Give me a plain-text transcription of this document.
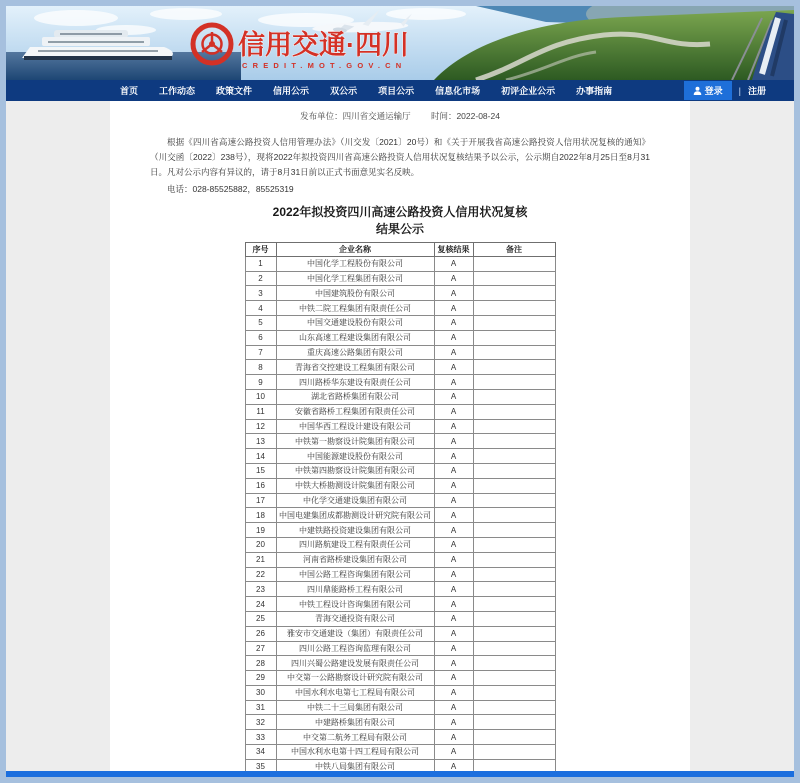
信用交通·四川
CREDIT.MOT.GOV.CN
首页 工作动态 政策文件 信用公示 双公示 项目公示 信息化市场 初评企业公示 办事指南	登录 | 注册
发布单位：四川省交通运输厅 时间：2022-08-24

根据《四川省高速公路投资人信用管理办法》（川交发〔2021〕20号）和《关于开展我省高速公路投资人信用状况复核的通知》（川交函〔2022〕238号），现将2022年拟投资四川省高速公路投资人信用状况复核结果予以公示，公示期自2022年8月25日至8月31日。凡对公示内容有异议的，请于8月31日前以正式书面意见实名反映。

电话：028-85525882，85525319

2022年拟投资四川高速公路投资人信用状况复核
结果公示
序号	企业名称	复核结果	备注
1	中国化学工程股份有限公司	A	
2	中国化学工程集团有限公司	A	
3	中国建筑股份有限公司	A	
4	中铁二院工程集团有限责任公司	A	
5	中国交通建设股份有限公司	A	
6	山东高速工程建设集团有限公司	A	
7	重庆高速公路集团有限公司	A	
8	青海省交控建设工程集团有限公司	A	
9	四川路桥华东建设有限责任公司	A	
10	湖北省路桥集团有限公司	A	
11	安徽省路桥工程集团有限责任公司	A	
12	中国华西工程设计建设有限公司	A	
13	中铁第一勘察设计院集团有限公司	A	
14	中国能源建设股份有限公司	A	
15	中铁第四勘察设计院集团有限公司	A	
16	中铁大桥勘测设计院集团有限公司	A	
17	中化学交通建设集团有限公司	A	
18	中国电建集团成都勘测设计研究院有限公司	A	
19	中建铁路投资建设集团有限公司	A	
20	四川路航建设工程有限责任公司	A	
21	河南省路桥建设集团有限公司	A	
22	中国公路工程咨询集团有限公司	A	
23	四川鼎能路桥工程有限公司	A	
24	中铁工程设计咨询集团有限公司	A	
25	青海交通投资有限公司	A	
26	雅安市交通建设（集团）有限责任公司	A	
27	四川公路工程咨询监理有限公司	A	
28	四川兴蜀公路建设发展有限责任公司	A	
29	中交第一公路勘察设计研究院有限公司	A	
30	中国水利水电第七工程局有限公司	A	
31	中铁二十三局集团有限公司	A	
32	中建路桥集团有限公司	A	
33	中交第二航务工程局有限公司	A	
34	中国水利水电第十四工程局有限公司	A	
35	中铁八局集团有限公司	A	
